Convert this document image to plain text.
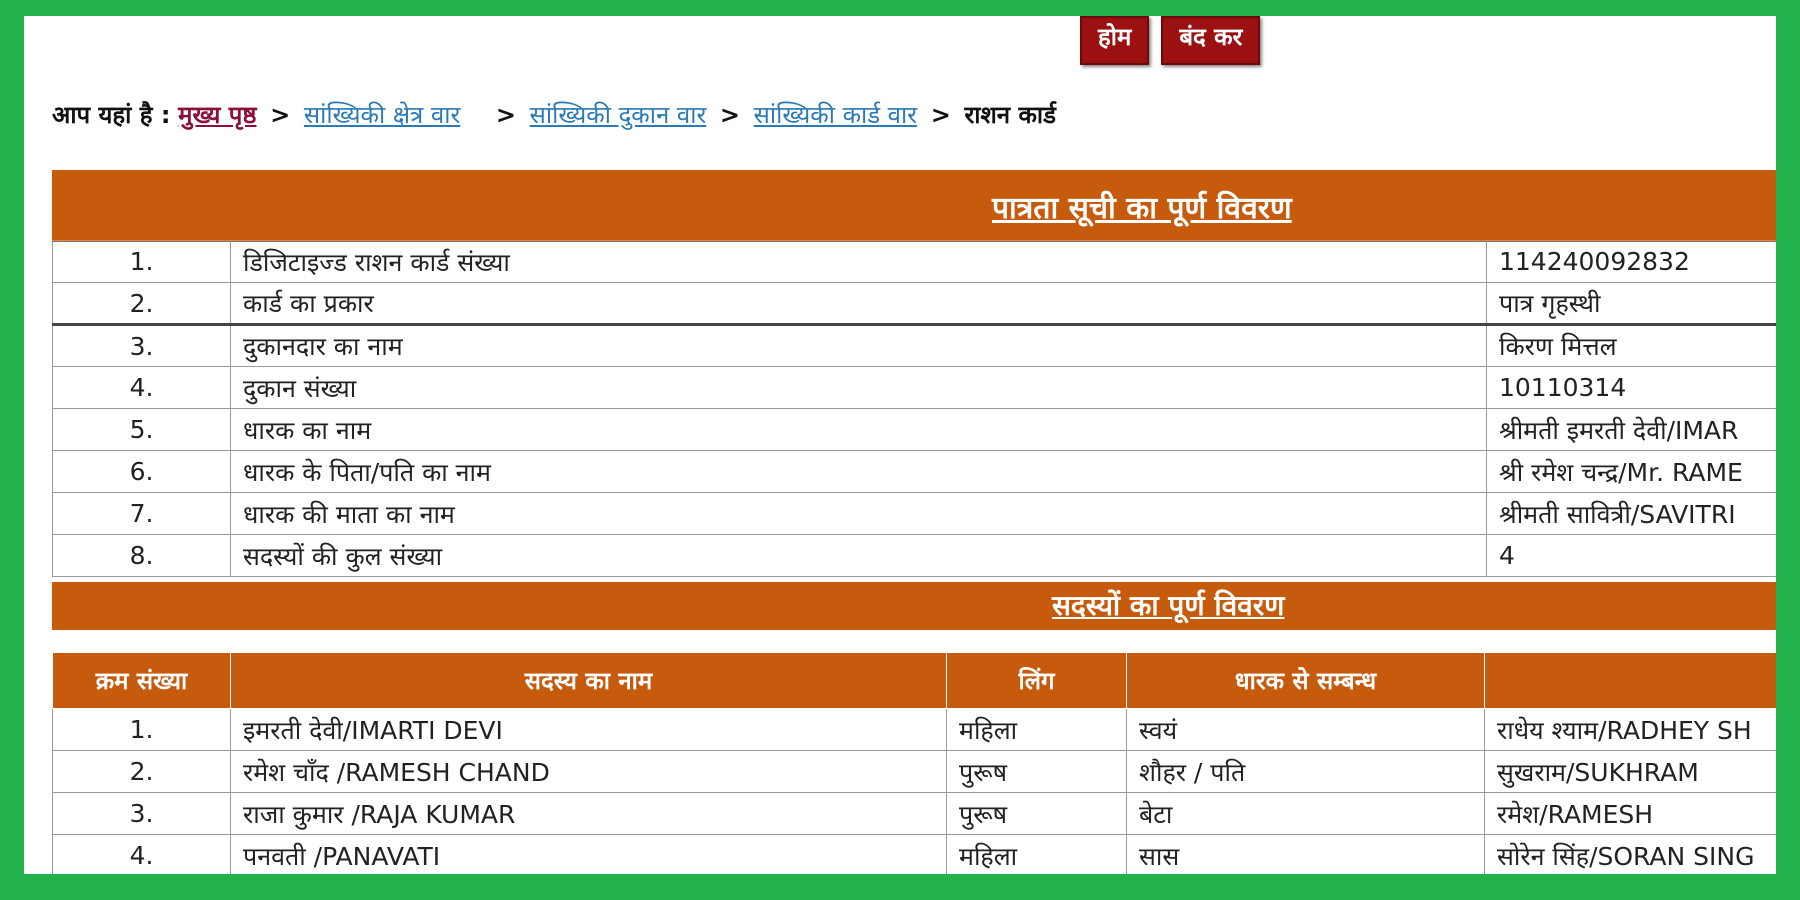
होम	बंद कर
आप यहां है : मुख्य पृष्ठ > सांख्यिकी क्षेत्र वार > सांख्यिकी दुकान वार > सांख्यिकी कार्ड वार > राशन कार्ड
पात्रता सूची का पूर्ण विवरण
1.	डिजिटाइज्ड राशन कार्ड संख्या	114240092832
2.	कार्ड का प्रकार	पात्र गृहस्थी
3.	दुकानदार का नाम	किरण मित्तल
4.	दुकान संख्या	10110314
5.	धारक का नाम	श्रीमती इमरती देवी/IMAR
6.	धारक के पिता/पति का नाम	श्री रमेश चन्द्र/Mr. RAME
7.	धारक की माता का नाम	श्रीमती सावित्री/SAVITRI
8.	सदस्यों की कुल संख्या	4
सदस्यों का पूर्ण विवरण
क्रम संख्या	सदस्य का नाम	लिंग	धारक से सम्बन्ध	
1.	इमरती देवी/IMARTI DEVI	महिला	स्वयं	राधेय श्याम/RADHEY SH
2.	रमेश चाँद /RAMESH CHAND	पुरूष	शौहर / पति	सुखराम/SUKHRAM
3.	राजा कुमार /RAJA KUMAR	पुरूष	बेटा	रमेश/RAMESH
4.	पनवती /PANAVATI	महिला	सास	सोरेन सिंह/SORAN SING
